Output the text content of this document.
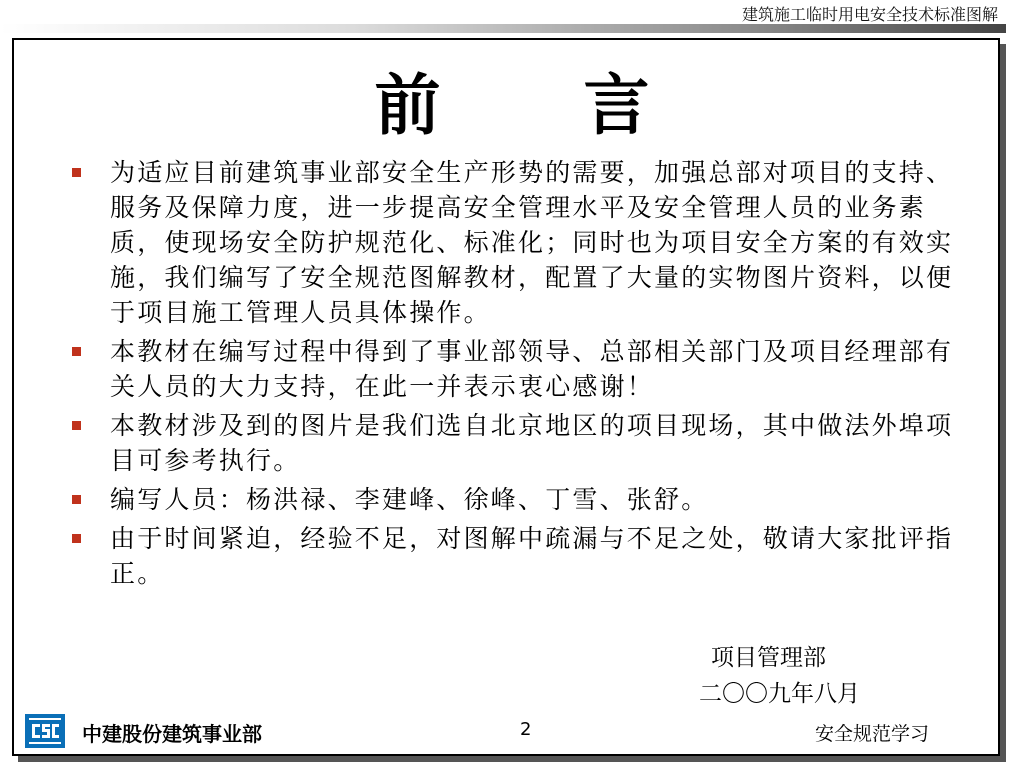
建筑施工临时用电安全技术标准图解
前 言
为适应目前建筑事业部安全生产形势的需要，加强总部对项目的支持、服务及保障力度，进一步提高安全管理水平及安全管理人员的业务素质，使现场安全防护规范化、标准化；同时也为项目安全方案的有效实施，我们编写了安全规范图解教材，配置了大量的实物图片资料，以便于项目施工管理人员具体操作。
本教材在编写过程中得到了事业部领导、总部相关部门及项目经理部有关人员的大力支持，在此一并表示衷心感谢！
本教材涉及到的图片是我们选自北京地区的项目现场，其中做法外埠项目可参考执行。
编写人员：杨洪禄、李建峰、徐峰、丁雪、张舒。
由于时间紧迫，经验不足，对图解中疏漏与不足之处，敬请大家批评指正。
项目管理部
二〇〇九年八月
中建股份建筑事业部	2	安全规范学习
